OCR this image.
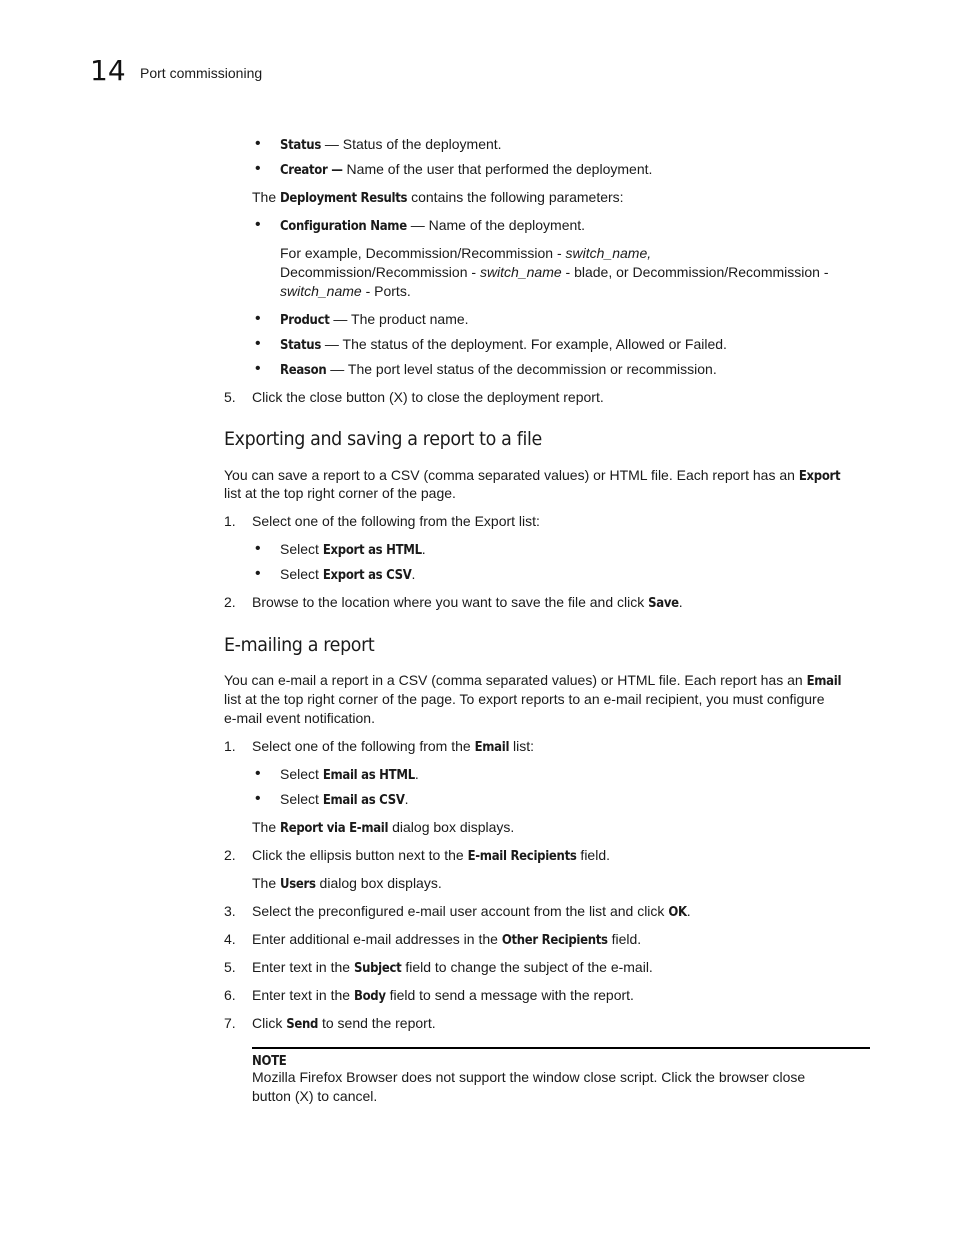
14 Port commissioning
• Status — Status of the deployment.
• Creator — Name of the user that performed the deployment.
The Deployment Results contains the following parameters:
• Configuration Name — Name of the deployment.
For example, Decommission/Recommission - switch_name,
Decommission/Recommission - switch_name - blade, or Decommission/Recommission -
switch_name - Ports.
• Product — The product name.
• Status — The status of the deployment. For example, Allowed or Failed.
• Reason — The port level status of the decommission or recommission.
5. Click the close button (X) to close the deployment report.
Exporting and saving a report to a file
You can save a report to a CSV (comma separated values) or HTML file. Each report has an Export
list at the top right corner of the page.
1. Select one of the following from the Export list:
• Select Export as HTML.
• Select Export as CSV.
2. Browse to the location where you want to save the file and click Save.
E-mailing a report
You can e-mail a report in a CSV (comma separated values) or HTML file. Each report has an Email
list at the top right corner of the page. To export reports to an e-mail recipient, you must configure
e-mail event notification.
1. Select one of the following from the Email list:
• Select Email as HTML.
• Select Email as CSV.
The Report via E-mail dialog box displays.
2. Click the ellipsis button next to the E-mail Recipients field.
The Users dialog box displays.
3. Select the preconfigured e-mail user account from the list and click OK.
4. Enter additional e-mail addresses in the Other Recipients field.
5. Enter text in the Subject field to change the subject of the e-mail.
6. Enter text in the Body field to send a message with the report.
7. Click Send to send the report.
NOTE
Mozilla Firefox Browser does not support the window close script. Click the browser close
button (X) to cancel.
